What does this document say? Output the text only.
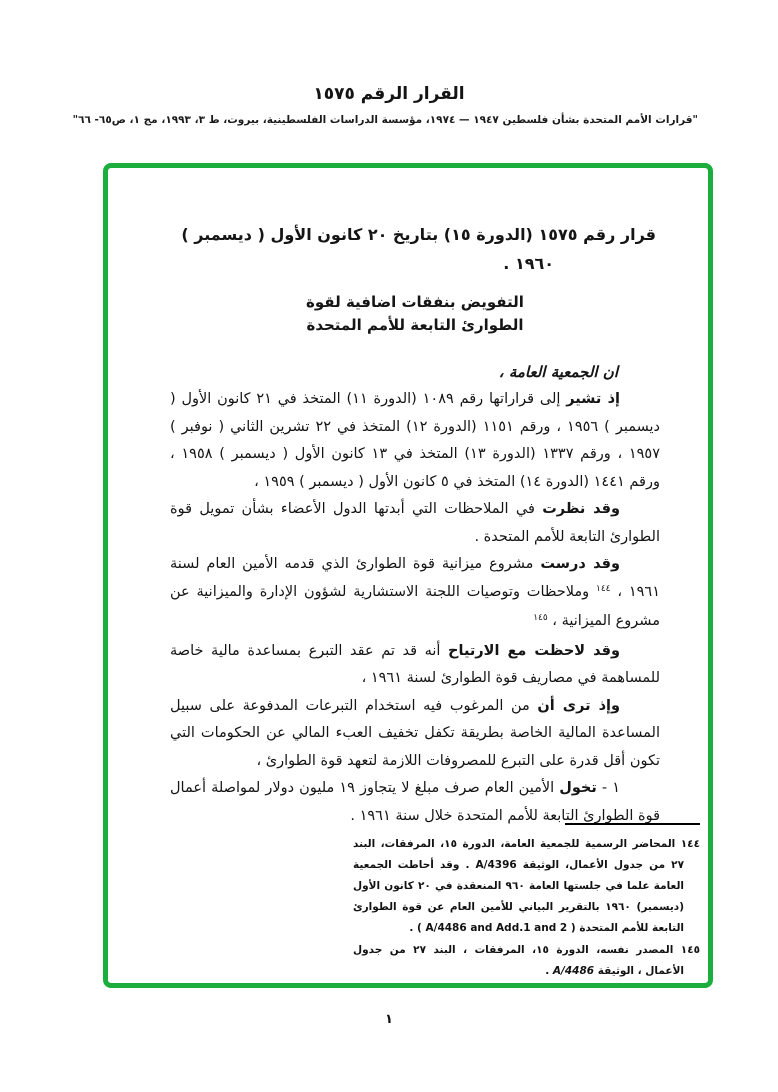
القرار الرقم ١٥٧٥
"قرارات الأمم المتحدة بشأن فلسطين ١٩٤٧ — ١٩٧٤، مؤسسة الدراسات الفلسطينية، بيروت، ط ٣، ١٩٩٣، مج ١، ص٦٥- ٦٦"
قرار رقم ١٥٧٥ (الدورة ١٥) بتاريخ ٢٠ كانون الأول ( ديسمبر )
١٩٦٠ .
التفويض بنفقات اضافية لقوة
الطوارئ التابعة للأمم المتحدة
ان الجمعية العامة ،

إذ تشير إلى قراراتها رقم ١٠٨٩ (الدورة ١١) المتخذ في ٢١ كانون الأول ( ديسمبر ) ١٩٥٦ ، ورقم ١١٥١ (الدورة ١٢) المتخذ في ٢٢ تشرين الثاني ( نوفبر ) ١٩٥٧ ، ورقم ١٣٣٧ (الدورة ١٣) المتخذ في ١٣ كانون الأول ( ديسمبر ) ١٩٥٨ ، ورقم ١٤٤١ (الدورة ١٤) المتخذ في ٥ كانون الأول ( ديسمبر ) ١٩٥٩ ،

وقد نظرت في الملاحظات التي أبدتها الدول الأعضاء بشأن تمويل قوة الطوارئ التابعة للأمم المتحدة .

وقد درست مشروع ميزانية قوة الطوارئ الذي قدمه الأمين العام لسنة ١٩٦١ ، $^{١٤٤}$ وملاحظات وتوصيات اللجنة الاستشارية لشؤون الإدارة والميزانية عن مشروع الميزانية ، $^{١٤٥}$

وقد لاحظت مع الارتياح أنه قد تم عقد التبرع بمساعدة مالية خاصة للمساهمة في مصاريف قوة الطوارئ لسنة ١٩٦١ ،

وإذ ترى أن من المرغوب فيه استخدام التبرعات المدفوعة على سبيل المساعدة المالية الخاصة بطريقة تكفل تخفيف العبء المالي عن الحكومات التي تكون أقل قدرة على التبرع للمصروفات اللازمة لتعهد قوة الطوارئ ،

١ - تخول الأمين العام صرف مبلغ لا يتجاوز ١٩ مليون دولار لمواصلة أعمال قوة الطوارئ التابعة للأمم المتحدة خلال سنة ١٩٦١ .

١٤٤ المحاضر الرسمية للجمعية العامة، الدورة ١٥، المرفقات، البند ٢٧ من جدول الأعمال، الوثيقة A/4396 . وقد أحاطت الجمعية العامة علما في جلستها العامة ٩٦٠ المنعقدة في ٢٠ كانون الأول (ديسمبر) ١٩٦٠ بالتقرير البياني للأمين العام عن قوة الطوارئ التابعة للأمم المتحدة ( A/4486 and Add.1 and 2 ) .
١٤٥ المصدر نفسه، الدورة ١٥، المرفقات ، البند ٢٧ من جدول الأعمال ، الوثيقة A/4486 .
١
